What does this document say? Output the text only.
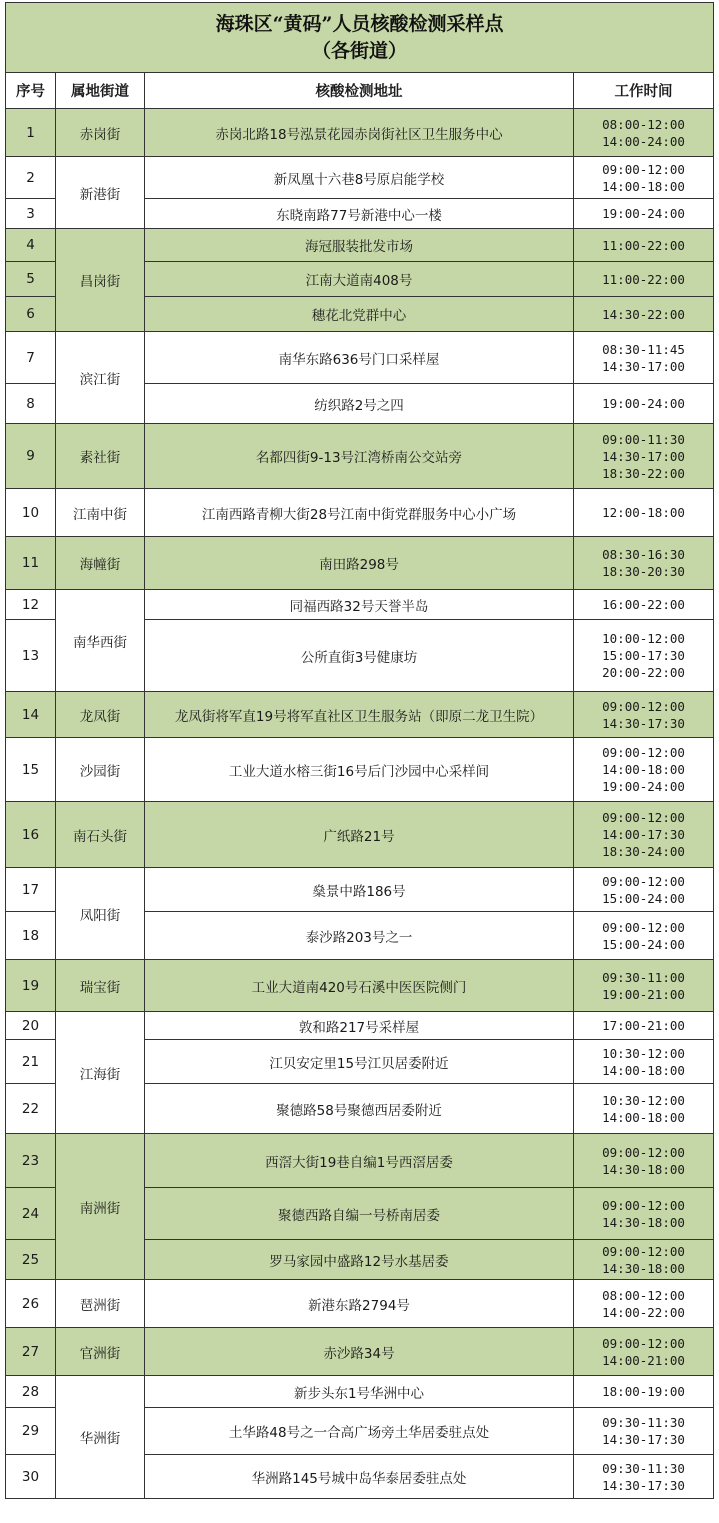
海珠区“黄码”人员核酸检测采样点
（各街道）			

序号	属地街道	核酸检测地址	工作时间
1	赤岗街	赤岗北路18号泓景花园赤岗街社区卫生服务中心	08:00-12:00
14:00-24:00

2	新港街	新凤凰十六巷8号原启能学校	09:00-12:00
14:00-18:00

3		东晓南路77号新港中心一楼	19:00-24:00

4	昌岗街	海冠服装批发市场	11:00-22:00

5		江南大道南408号	11:00-22:00

6		穗花北党群中心	14:30-22:00

7	滨江街	南华东路636号门口采样屋	08:30-11:45
14:30-17:00

8		纺织路2号之四	19:00-24:00

9	素社街	名都四街9-13号江湾桥南公交站旁	09:00-11:30
14:30-17:00
18:30-22:00

10	江南中街	江南西路青柳大街28号江南中街党群服务中心小广场	12:00-18:00

11	海幢街	南田路298号	08:30-16:30
18:30-20:30

12	南华西街	同福西路32号天誉半岛	16:00-22:00

13		公所直街3号健康坊	10:00-12:00
15:00-17:30
20:00-22:00

14	龙凤街	龙凤街将军直19号将军直社区卫生服务站（即原二龙卫生院）	09:00-12:00
14:30-17:30

15	沙园街	工业大道水榕三街16号后门沙园中心采样间	09:00-12:00
14:00-18:00
19:00-24:00

16	南石头街	广纸路21号	09:00-12:00
14:00-17:30
18:30-24:00

17	凤阳街	燊景中路186号	09:00-12:00
15:00-24:00

18		泰沙路203号之一	09:00-12:00
15:00-24:00

19	瑞宝街	工业大道南420号石溪中医医院侧门	09:30-11:00
19:00-21:00

20	江海街	敦和路217号采样屋	17:00-21:00

21		江贝安定里15号江贝居委附近	10:30-12:00
14:00-18:00

22		聚德路58号聚德西居委附近	10:30-12:00
14:00-18:00

23	南洲街	西滘大街19巷自编1号西滘居委	09:00-12:00
14:30-18:00

24		聚德西路自编一号桥南居委	09:00-12:00
14:30-18:00

25		罗马家园中盛路12号水基居委	09:00-12:00
14:30-18:00

26	琶洲街	新港东路2794号	08:00-12:00
14:00-22:00

27	官洲街	赤沙路34号	09:00-12:00
14:00-21:00

28	华洲街	新步头东1号华洲中心	18:00-19:00

29		土华路48号之一合高广场旁土华居委驻点处	09:30-11:30
14:30-17:30

30		华洲路145号城中岛华泰居委驻点处	09:30-11:30
14:30-17:30
